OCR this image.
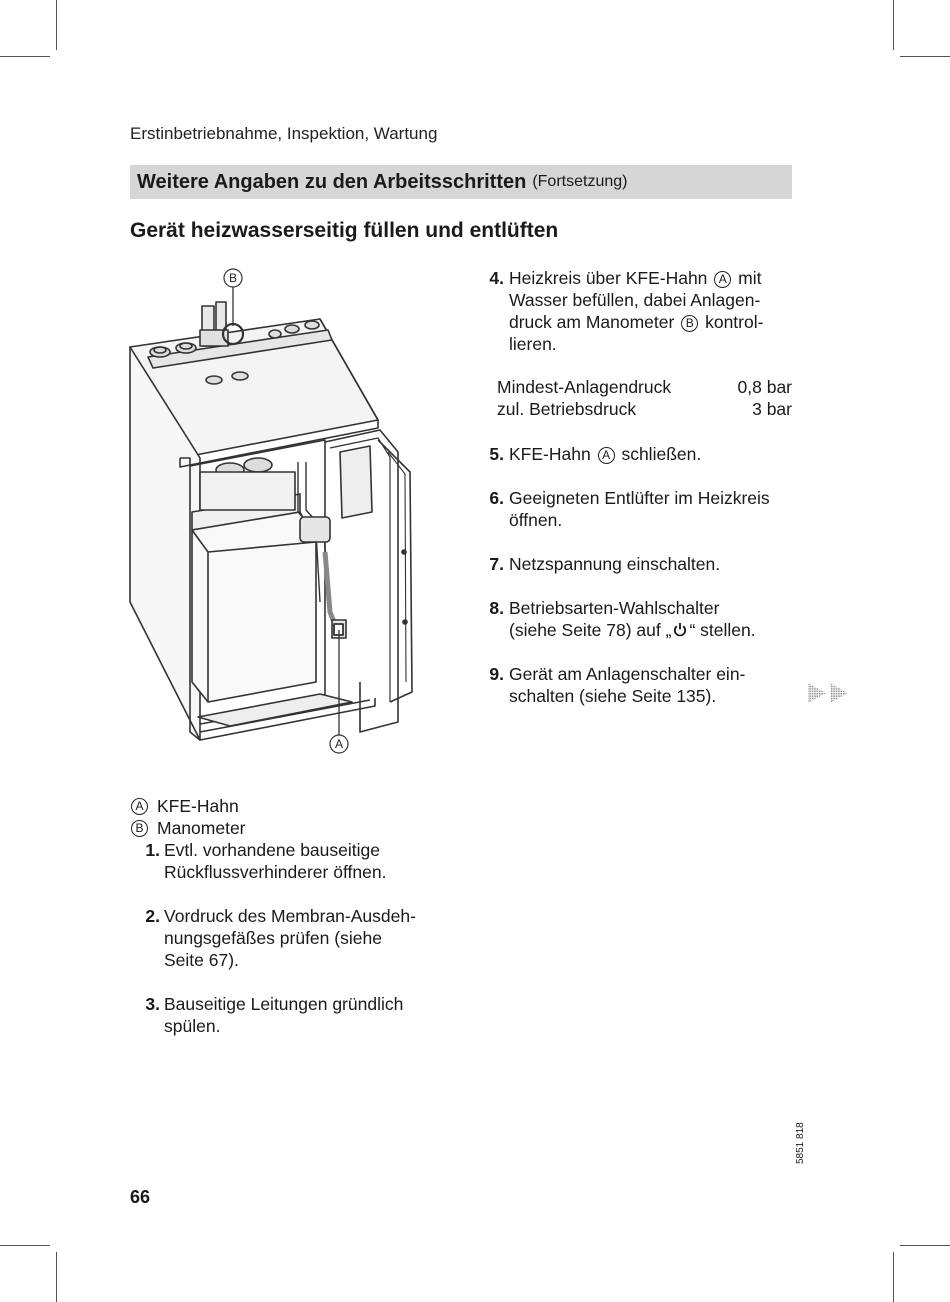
Erstinbetriebnahme, Inspektion, Wartung
Weitere Angaben zu den Arbeitsschritten (Fortsetzung)
Gerät heizwasserseitig füllen und entlüften
B
A
A KFE-Hahn
B Manometer
1. Evtl. vorhandene bauseitige
Rückflussverhinderer öffnen.
2. Vordruck des Membran-Ausdeh-
nungsgefäßes prüfen (siehe
Seite 67).
3. Bauseitige Leitungen gründlich
spülen.
4. Heizkreis über KFE-Hahn A mit
Wasser befüllen, dabei Anlagen-
druck am Manometer B kontrol-
lieren.
Mindest-Anlagendruck	0,8 bar
zul. Betriebsdruck	3 bar
5. KFE-Hahn A schließen.
6. Geeigneten Entlüfter im Heizkreis
öffnen.
7. Netzspannung einschalten.
8. Betriebsarten-Wahlschalter
(siehe Seite 78) auf „ “ stellen.
9. Gerät am Anlagenschalter ein-
schalten (siehe Seite 135).
5851 818
66
